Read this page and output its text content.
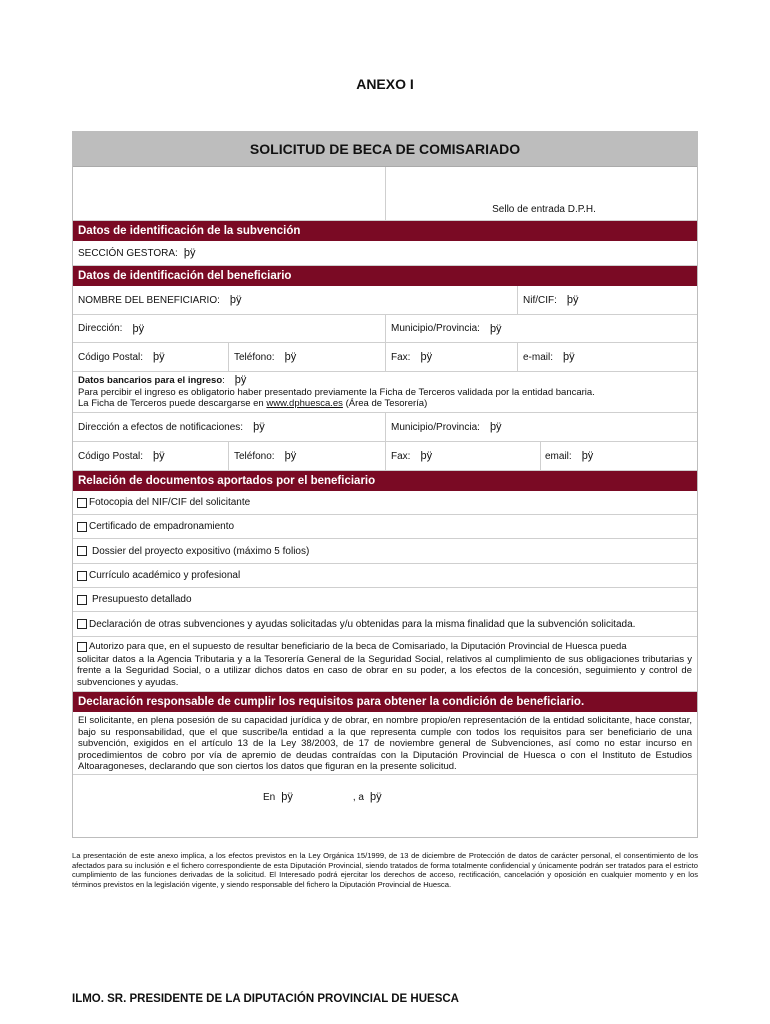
ANEXO I
SOLICITUD DE BECA DE COMISARIADO
Sello de entrada D.P.H.
Datos de identificación de la subvención
SECCIÓN GESTORA: þÿ
Datos de identificación del beneficiario
NOMBRE DEL BENEFICIARIO: þÿ	Nif/CIF: þÿ
Dirección: þÿ	Municipio/Provincia: þÿ
Código Postal: þÿ	Teléfono: þÿ	Fax: þÿ	e-mail: þÿ
Datos bancarios para el ingreso: þÿ
Para percibir el ingreso es obligatorio haber presentado previamente la Ficha de Terceros validada por la entidad bancaria.
La Ficha de Terceros puede descargarse en www.dphuesca.es (Área de Tesorería)
Dirección a efectos de notificaciones: þÿ	Municipio/Provincia: þÿ
Código Postal: þÿ	Teléfono: þÿ	Fax: þÿ	email: þÿ
Relación de documentos aportados por el beneficiario
Fotocopia del NIF/CIF del solicitante
Certificado de empadronamiento
Dossier del proyecto expositivo (máximo 5 folios)
Currículo académico y profesional
Presupuesto detallado
Declaración de otras subvenciones y ayudas solicitadas y/u obtenidas para la misma finalidad que la subvención solicitada.
Autorizo para que, en el supuesto de resultar beneficiario de la beca de Comisariado, la Diputación Provincial de Huesca pueda
solicitar datos a la Agencia Tributaria y a la Tesorería General de la Seguridad Social, relativos al cumplimiento de sus obligaciones tributarias y frente a la Seguridad Social, o a utilizar dichos datos en caso de obrar en su poder, a los efectos de la concesión, seguimiento y control de subvenciones y ayudas.
Declaración responsable de cumplir los requisitos para obtener la condición de beneficiario.
El solicitante, en plena posesión de su capacidad jurídica y de obrar, en nombre propio/en representación de la entidad solicitante, hace constar, bajo su responsabilidad, que el que suscribe/la entidad a la que representa cumple con todos los requisitos para ser beneficiario de una subvención, exigidos en el artículo 13 de la Ley 38/2003, de 17 de noviembre general de Subvenciones, así como no estar incurso en procedimientos de cobro por vía de apremio de deudas contraídas con la Diputación Provincial de Huesca o con el Instituto de Estudios Altoaragoneses, declarando que son ciertos los datos que figuran en la presente solicitud.
En þÿ	, a þÿ
La presentación de este anexo implica, a los efectos previstos en la Ley Orgánica 15/1999, de 13 de diciembre de Protección de datos de carácter personal, el consentimiento de los afectados para su inclusión e el fichero correspondiente de esta Diputación Provincial, siendo tratados de forma totalmente confidencial y únicamente podrán ser tratados para el estricto cumplimiento de las funciones derivadas de la solicitud. El Interesado podrá ejercitar los derechos de acceso, rectificación, cancelación y oposición en cualquier momento y en los términos previstos en la legislación vigente, y siendo responsable del fichero la Diputación Provincial de Huesca.
ILMO. SR. PRESIDENTE DE LA DIPUTACIÓN PROVINCIAL DE HUESCA
